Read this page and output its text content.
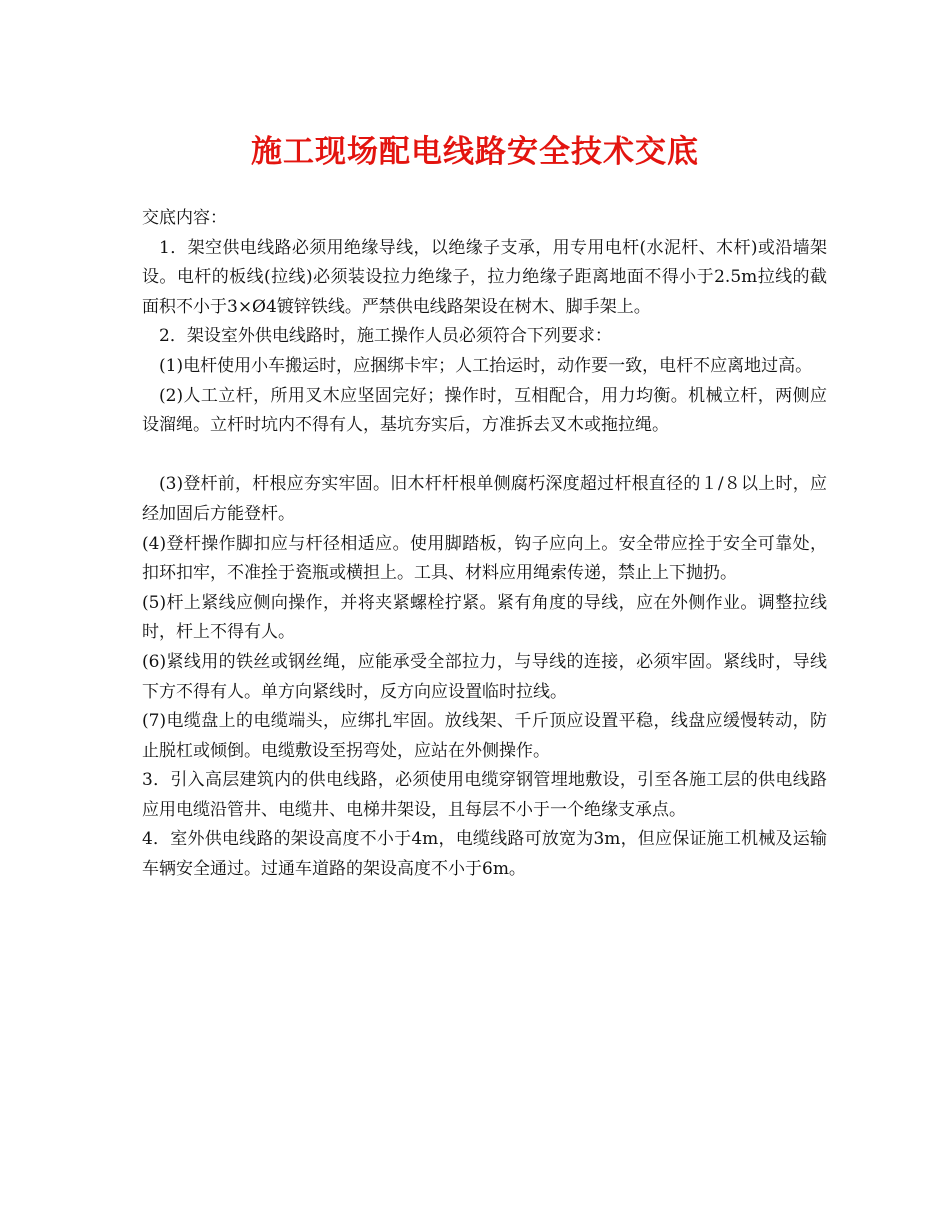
施工现场配电线路安全技术交底

交底内容：

1．架空供电线路必须用绝缘导线，以绝缘子支承，用专用电杆(水泥杆、木杆)或沿墙架设。电杆的板线(拉线)必须装设拉力绝缘子，拉力绝缘子距离地面不得小于2.5m拉线的截面积不小于3×Ø4镀锌铁线。严禁供电线路架设在树木、脚手架上。

2．架设室外供电线路时，施工操作人员必须符合下列要求：

(1)电杆使用小车搬运时，应捆绑卡牢；人工抬运时，动作要一致，电杆不应离地过高。

(2)人工立杆，所用叉木应坚固完好；操作时，互相配合，用力均衡。机械立杆，两侧应设溜绳。立杆时坑内不得有人，基坑夯实后，方准拆去叉木或拖拉绳。

(3)登杆前，杆根应夯实牢固。旧木杆杆根单侧腐朽深度超过杆根直径的１/８以上时，应经加固后方能登杆。

(4)登杆操作脚扣应与杆径相适应。使用脚踏板，钩子应向上。安全带应拴于安全可靠处，扣环扣牢，不准拴于瓷瓶或横担上。工具、材料应用绳索传递，禁止上下抛扔。

(5)杆上紧线应侧向操作，并将夹紧螺栓拧紧。紧有角度的导线，应在外侧作业。调整拉线时，杆上不得有人。

(6)紧线用的铁丝或钢丝绳，应能承受全部拉力，与导线的连接，必须牢固。紧线时，导线下方不得有人。单方向紧线时，反方向应设置临时拉线。

(7)电缆盘上的电缆端头，应绑扎牢固。放线架、千斤顶应设置平稳，线盘应缓慢转动，防止脱杠或倾倒。电缆敷设至拐弯处，应站在外侧操作。

3．引入高层建筑内的供电线路，必须使用电缆穿钢管埋地敷设，引至各施工层的供电线路应用电缆沿管井、电缆井、电梯井架设，且每层不小于一个绝缘支承点。

4．室外供电线路的架设高度不小于4m，电缆线路可放宽为3m，但应保证施工机械及运输车辆安全通过。过通车道路的架设高度不小于6m。
